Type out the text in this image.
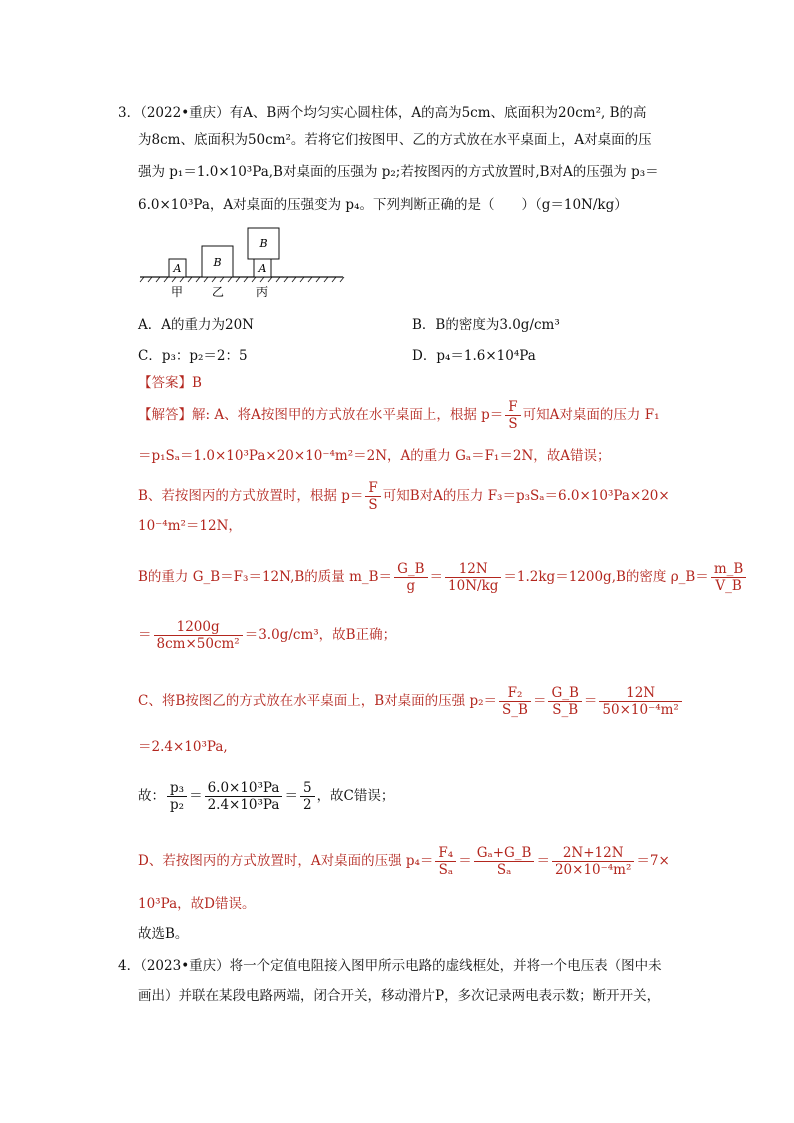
3．（2022•重庆）有A、B两个均匀实心圆柱体，A的高为5cm、底面积为20cm², B的高
为8cm、底面积为50cm²。若将它们按图甲、乙的方式放在水平桌面上，A对桌面的压
强为 p₁＝1.0×10³Pa,B对桌面的压强为 p₂;若按图丙的方式放置时,B对A的压强为 p₃＝
6.0×10³Pa，A对桌面的压强变为 p₄。下列判断正确的是（　　）（g＝10N/kg）
A	B	A
B
甲 乙	丙
A．A的重力为20N	B．B的密度为3.0g/cm³
C．p₃：p₂＝2：5	D．p₄＝1.6×10⁴Pa
【答案】B
【解答】解: A、将A按图甲的方式放在水平桌面上，根据 $p= \frac{F}{S}$ 可知A对桌面的压力 F₁
＝p₁Sₐ＝1.0×10³Pa×20×10⁻⁴m²＝2N，A的重力 Gₐ＝F₁＝2N，故A错误；
B、若按图丙的方式放置时，根据 $p= \frac{F}{S}$ 可知B对A的压力 F₃＝p₃Sₐ＝6.0×10³Pa×20×
10⁻⁴m²＝12N，
B的重力 G_B＝F₃＝12N,B的质量 m_B＝ $\frac{G\_B}{g} = \frac{12N}{10N/kg} =1.2kg=1200g,B$的密度 ρ_B＝ $\frac{m\_B}{V\_B}$
＝ $\frac{1200g}{\text{8cm×50cm²}} =3.0g/cm^3$，故B正确；
C、将B按图乙的方式放在水平桌面上，B对桌面的压强 $p_2= \frac{\text{F₂}}{S\_B} = \frac{G\_B}{S\_B} = \frac{12N}{\text{50×10⁻⁴m²}}$
＝2.4×10³Pa,
故： $\frac{\text{p₃}}{\text{p₂}} = \frac{\text{6.0×10³Pa}}{\text{2.4×10³Pa}} = \frac{5}{2}$ ，故C错误；
D、若按图丙的方式放置时，A对桌面的压强 $p_4= \frac{\text{F₄}}{\text{Sₐ}} = \frac{\text{Gₐ+G\_B}}{\text{Sₐ}} = \frac{2N+12N}{\text{20×10⁻⁴m²}} =7\times$
10³Pa，故D错误。
故选B。
4．（2023•重庆）将一个定值电阻接入图甲所示电路的虚线框处，并将一个电压表（图中未
画出）并联在某段电路两端，闭合开关，移动滑片P，多次记录两电表示数；断开开关，
